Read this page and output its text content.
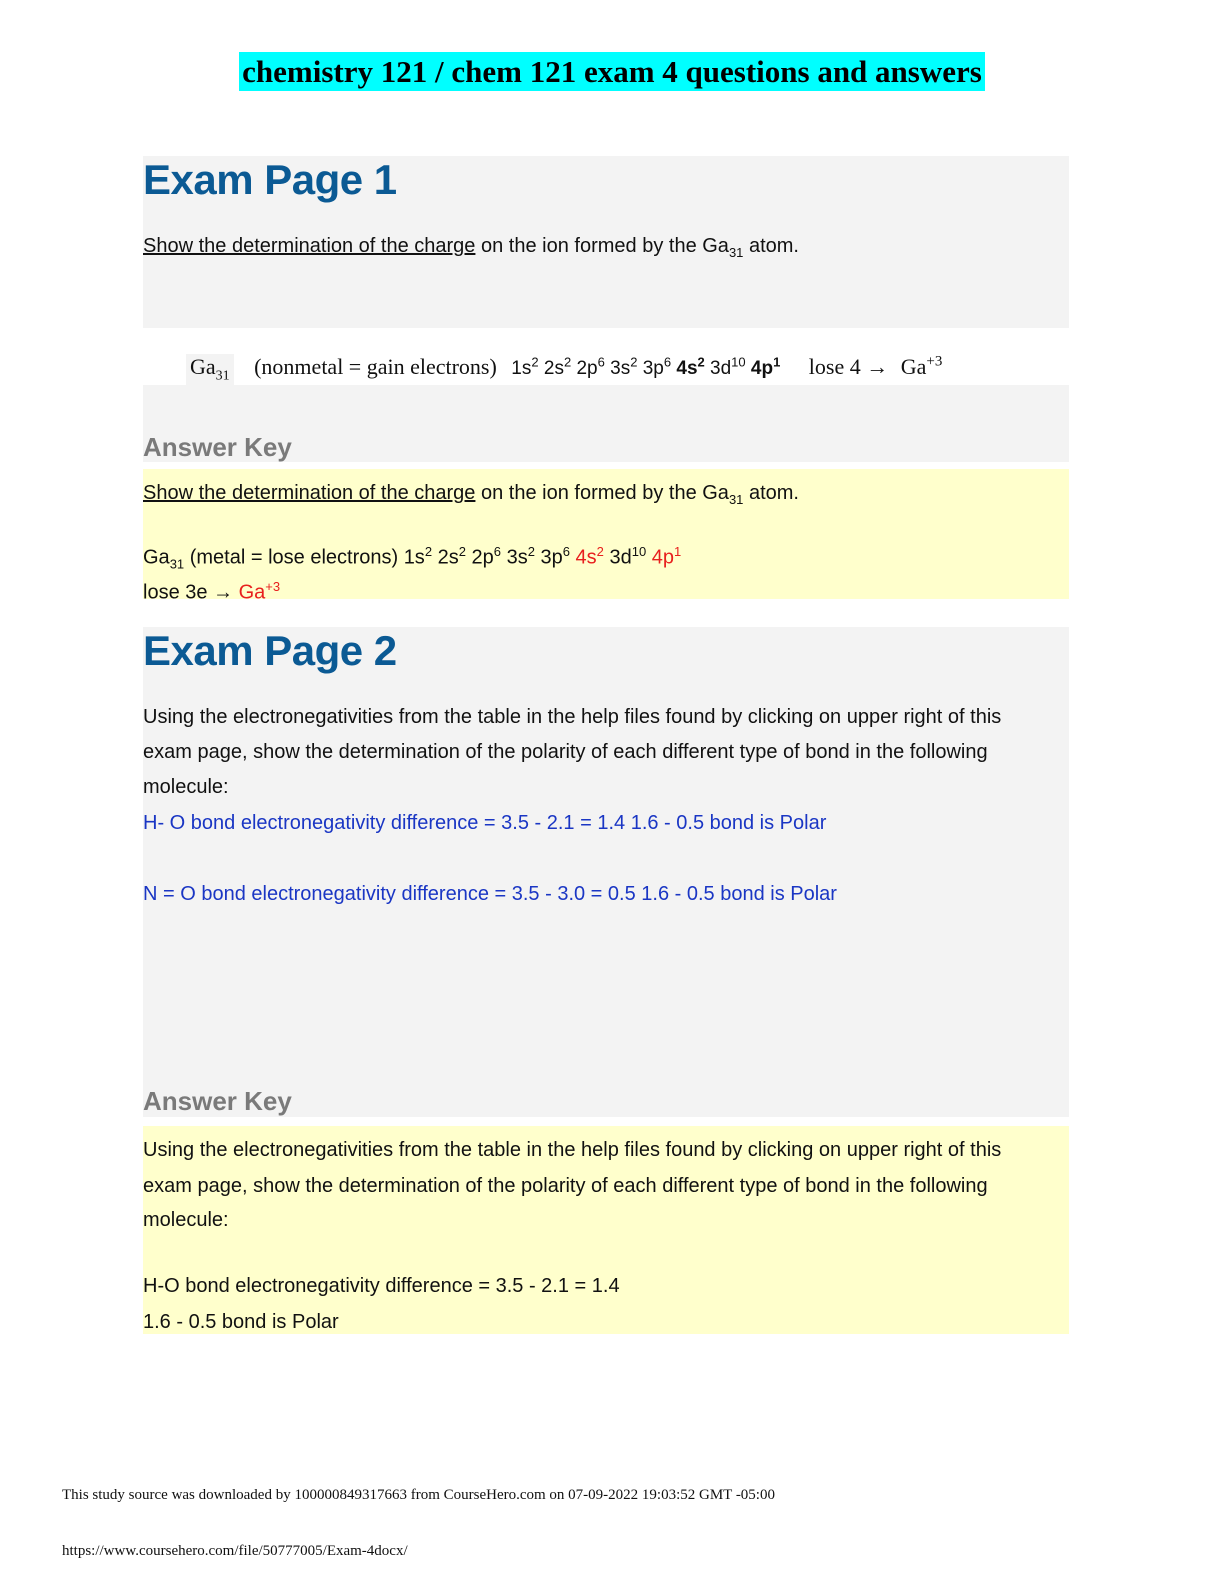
chemistry 121 / chem 121 exam 4 questions and answers
Exam Page 1
Show the determination of the charge on the ion formed by the $Ga_{31}$ atom.
$Ga_{31}$ (nonmetal = gain electrons) $1s^2$ $2s^2$ $2p^6$ $3s^2$ $3p^6$ $4s^2$ $3d^{10}$ $4p^1$ lose $4 \to Ga^{+3}$
Answer Key
Show the determination of the charge on the ion formed by the $Ga_{31}$ atom.
$Ga_{31}$ (metal = lose electrons) $1s^2$ $2s^2$ $2p^6$ $3s^2$ $3p^6$ $4s^2$ $3d^{10}$ $4p^1$
lose $3e \to Ga^{+3}$
Exam Page 2
Using the electronegativities from the table in the help files found by clicking on upper right of this
exam page, show the determination of the polarity of each different type of bond in the following
molecule:
H- O bond electronegativity difference = 3.5 - 2.1 = 1.4 1.6 - 0.5 bond is Polar
N = O bond electronegativity difference = 3.5 - 3.0 = 0.5 1.6 - 0.5 bond is Polar
Answer Key
Using the electronegativities from the table in the help files found by clicking on upper right of this
exam page, show the determination of the polarity of each different type of bond in the following
molecule:
H-O bond electronegativity difference = 3.5 - 2.1 = 1.4
1.6 - 0.5 bond is Polar
This study source was downloaded by 100000849317663 from CourseHero.com on 07-09-2022 19:03:52 GMT -05:00
https://www.coursehero.com/file/50777005/Exam-4docx/
